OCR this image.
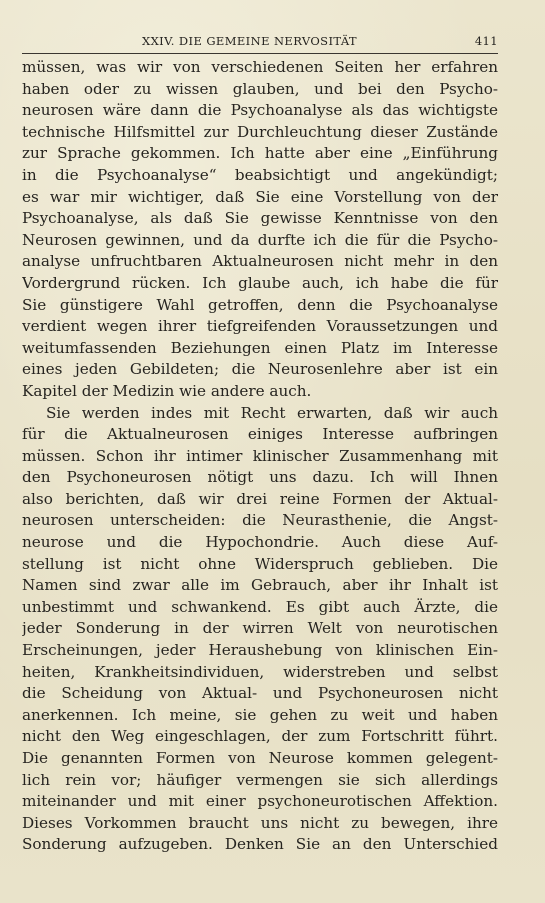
XXIV. DIE GEMEINE NERVOSITÄT	411
müssen, was wir von verschiedenen Seiten her erfahren
haben oder zu wissen glauben, und bei den Psycho-
neurosen wäre dann die Psychoanalyse als das wichtigste
technische Hilfsmittel zur Durchleuchtung dieser Zustände
zur Sprache gekommen. Ich hatte aber eine „Einführung
in die Psychoanalyse“ beabsichtigt und angekündigt;
es war mir wichtiger, daß Sie eine Vorstellung von der
Psychoanalyse, als daß Sie gewisse Kenntnisse von den
Neurosen gewinnen, und da durfte ich die für die Psycho-
analyse unfruchtbaren Aktualneurosen nicht mehr in den
Vordergrund rücken. Ich glaube auch, ich habe die für
Sie günstigere Wahl getroffen, denn die Psychoanalyse
verdient wegen ihrer tiefgreifenden Voraussetzungen und
weitumfassenden Beziehungen einen Platz im Interesse
eines jeden Gebildeten; die Neurosenlehre aber ist ein
Kapitel der Medizin wie andere auch.
Sie werden indes mit Recht erwarten, daß wir auch
für die Aktualneurosen einiges Interesse aufbringen
müssen. Schon ihr intimer klinischer Zusammenhang mit
den Psychoneurosen nötigt uns dazu. Ich will Ihnen
also berichten, daß wir drei reine Formen der Aktual-
neurosen unterscheiden: die Neurasthenie, die Angst-
neurose und die Hypochondrie. Auch diese Auf-
stellung ist nicht ohne Widerspruch geblieben. Die
Namen sind zwar alle im Gebrauch, aber ihr Inhalt ist
unbestimmt und schwankend. Es gibt auch Ärzte, die
jeder Sonderung in der wirren Welt von neurotischen
Erscheinungen, jeder Heraushebung von klinischen Ein-
heiten, Krankheitsindividuen, widerstreben und selbst
die Scheidung von Aktual- und Psychoneurosen nicht
anerkennen. Ich meine, sie gehen zu weit und haben
nicht den Weg eingeschlagen, der zum Fortschritt führt.
Die genannten Formen von Neurose kommen gelegent-
lich rein vor; häufiger vermengen sie sich allerdings
miteinander und mit einer psychoneurotischen Affektion.
Dieses Vorkommen braucht uns nicht zu bewegen, ihre
Sonderung aufzugeben. Denken Sie an den Unterschied
